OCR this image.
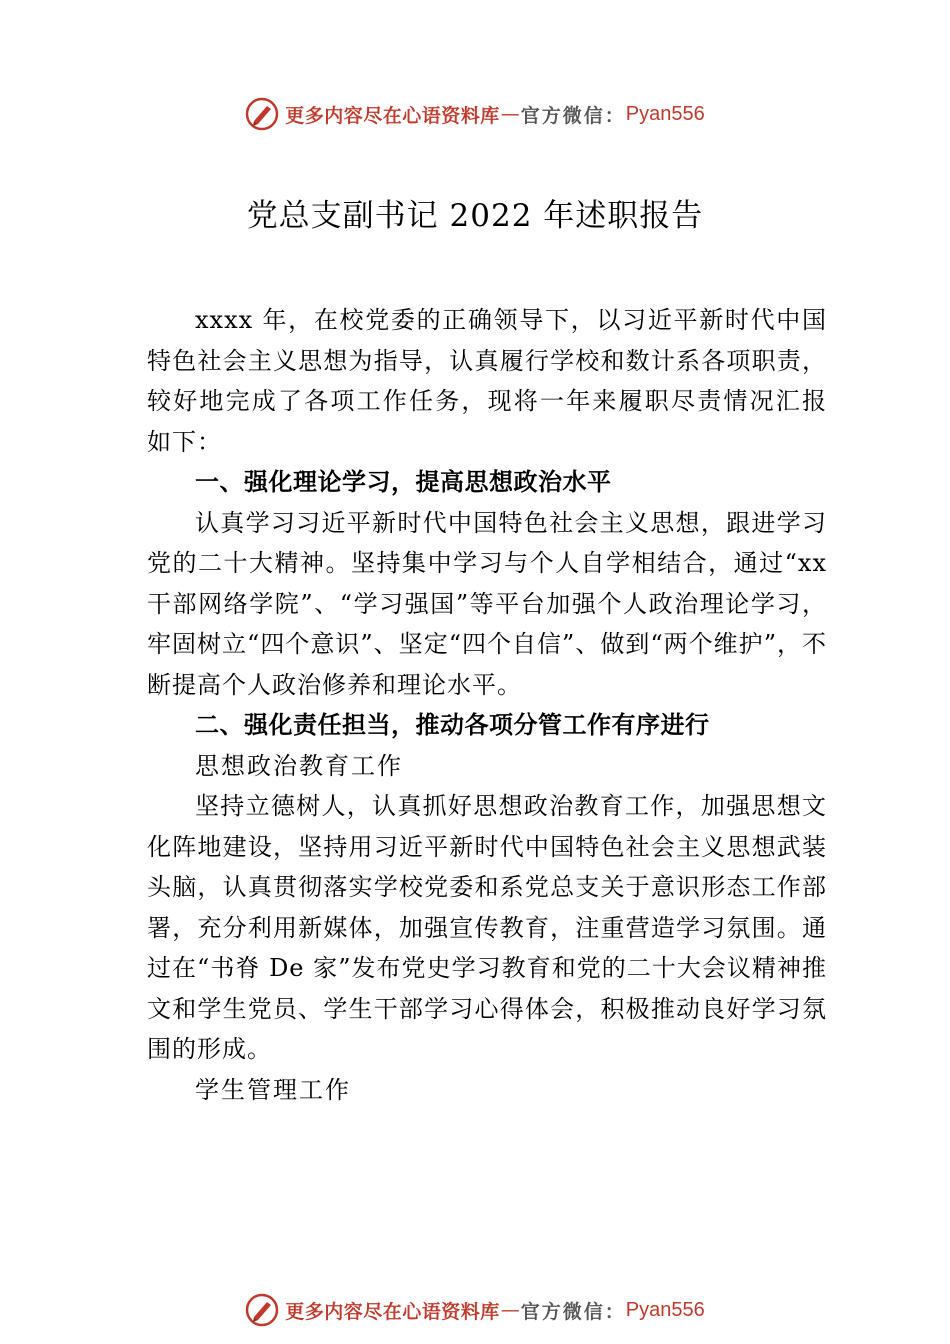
更多内容尽在心语资料库 — 官方微信： Pyan556
党总支副书记 2022 年述职报告

xxxx 年，在校党委的正确领导下，以习近平新时代中国特色社会主义思想为指导，认真履行学校和数计系各项职责， 较好地完成了各项工作任务，现将一年来履职尽责情况汇报 如下：

一、强化理论学习，提高思想政治水平

认真学习习近平新时代中国特色社会主义思想，跟进学习党的二十大精神。坚持集中学习与个人自学相结合，通过“xx 干部网络学院”、“学习强国”等平台加强个人政治理论学习，牢固树立“四个意识”、坚定“四个自信”、做到“两个维护”，不断提高个人政治修养和理论水平。

二、强化责任担当，推动各项分管工作有序进行
思想政治教育工作

坚持立德树人，认真抓好思想政治教育工作，加强思想文化阵地建设，坚持用习近平新时代中国特色社会主义思想武装头脑，认真贯彻落实学校党委和系党总支关于意识形态工作部署，充分利用新媒体，加强宣传教育，注重营造学习氛围。通过在“书脊 De 家”发布党史学习教育和党的二十大会议精神推文和学生党员、学生干部学习心得体会，积极推动良好学习氛围的形成。

学生管理工作
更多内容尽在心语资料库 — 官方微信： Pyan556
